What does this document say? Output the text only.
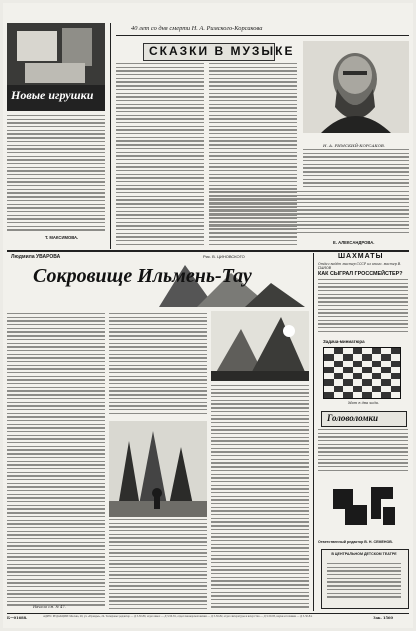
Новые игрушки
Т. МАКСИМОВА.
40 лет со дня смерти Н. А. Римского-Корсакова
СКАЗКИ В МУЗЫКЕ
Н. А. РИМСКИЙ-КОРСАКОВ.
Е. АЛЕКСАНДРОВА.
Людмила УВАРОВА	Рис. В. ЦИНОВСКОГО
Сокровище Ильмень-Тау
Начало см. № 47.
ШАХМАТЫ
Отдел ведёт мастер СССР из иного. мастер В. ПАНОВ
КАК СЫГРАЛ ГРОССМЕЙСТЕР?
Задача-миниатюра
Мат в два хода.
Головоломки
Ответственный редактор В. Н. СЕМЕНОВ.
В ЦЕНТРАЛЬНОМ ДЕТСКОМ ТЕАТРЕ
Б—01688.	АДРЕС РЕДАКЦИИ: Москва, 20, ул. «Правды», 24. Телефоны: редактор — Д 3-50-80, отдел школ — Д 3-50-81, отдел пионерской жизни — Д 3-50-82, отдел литературы и искусства — Д 3-50-83, науки и техники — Д 3-50-84.	Зак. 1560
